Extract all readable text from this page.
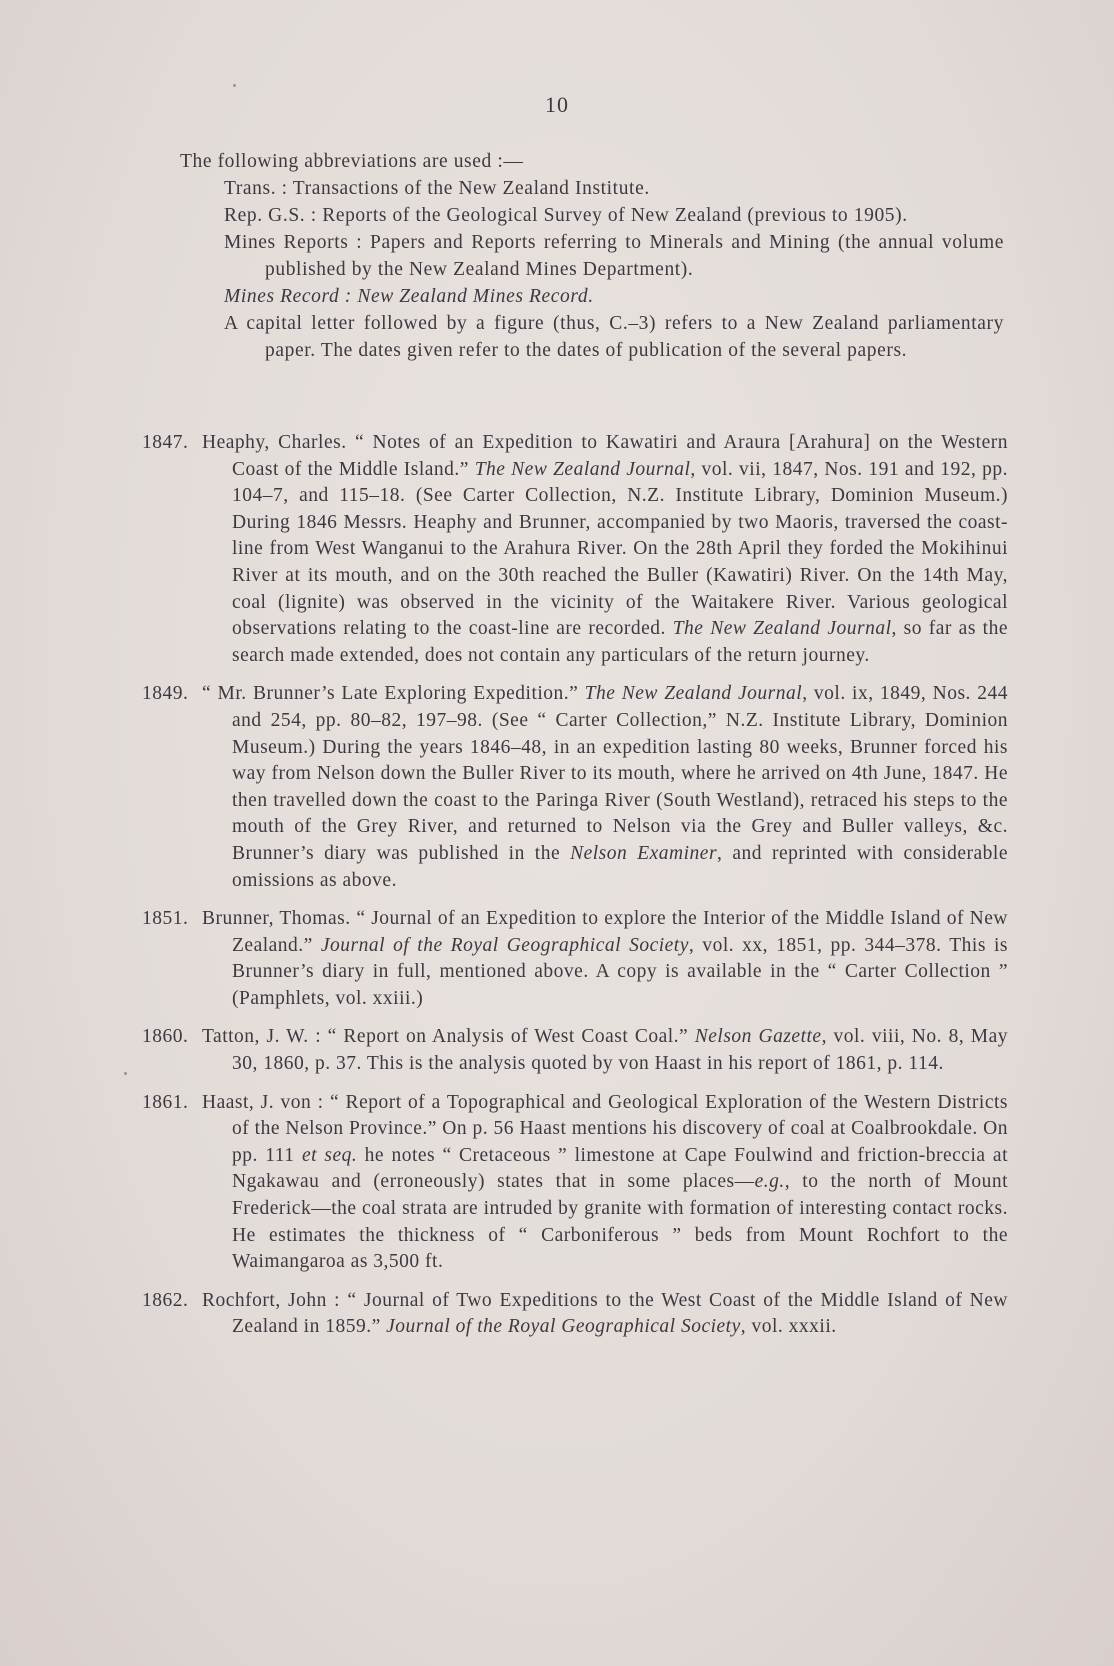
10

The following abbreviations are used :—

Trans. : Transactions of the New Zealand Institute.

Rep. G.S. : Reports of the Geological Survey of New Zealand (previous to 1905).

Mines Reports : Papers and Reports referring to Minerals and Mining (the annual volume published by the New Zealand Mines Department).

Mines Record : New Zealand Mines Record.

A capital letter followed by a figure (thus, C.–3) refers to a New Zealand parliamentary paper. The dates given refer to the dates of publication of the several papers.

1847. Heaphy, Charles. “ Notes of an Expedition to Kawatiri and Araura [Arahura] on the Western Coast of the Middle Island.” The New Zealand Journal, vol. vii, 1847, Nos. 191 and 192, pp. 104–7, and 115–18. (See Carter Collection, N.Z. Institute Library, Dominion Museum.) During 1846 Messrs. Heaphy and Brunner, accompanied by two Maoris, traversed the coast-line from West Wanganui to the Arahura River. On the 28th April they forded the Mokihinui River at its mouth, and on the 30th reached the Buller (Kawatiri) River. On the 14th May, coal (lignite) was observed in the vicinity of the Waitakere River. Various geological observations relating to the coast-line are recorded. The New Zealand Journal, so far as the search made extended, does not contain any particulars of the return journey.

1849. “ Mr. Brunner’s Late Exploring Expedition.” The New Zealand Journal, vol. ix, 1849, Nos. 244 and 254, pp. 80–82, 197–98. (See “ Carter Collection,” N.Z. Institute Library, Dominion Museum.) During the years 1846–48, in an expedition lasting 80 weeks, Brunner forced his way from Nelson down the Buller River to its mouth, where he arrived on 4th June, 1847. He then travelled down the coast to the Paringa River (South Westland), retraced his steps to the mouth of the Grey River, and returned to Nelson via the Grey and Buller valleys, &c. Brunner’s diary was published in the Nelson Examiner, and reprinted with considerable omissions as above.

1851. Brunner, Thomas. “ Journal of an Expedition to explore the Interior of the Middle Island of New Zealand.” Journal of the Royal Geographical Society, vol. xx, 1851, pp. 344–378. This is Brunner’s diary in full, mentioned above. A copy is available in the “ Carter Collection ” (Pamphlets, vol. xxiii.)

1860. Tatton, J. W. : “ Report on Analysis of West Coast Coal.” Nelson Gazette, vol. viii, No. 8, May 30, 1860, p. 37. This is the analysis quoted by von Haast in his report of 1861, p. 114.

1861. Haast, J. von : “ Report of a Topographical and Geological Exploration of the Western Districts of the Nelson Province.” On p. 56 Haast mentions his discovery of coal at Coalbrookdale. On pp. 111 et seq. he notes “ Cretaceous ” limestone at Cape Foulwind and friction-breccia at Ngakawau and (erroneously) states that in some places—e.g., to the north of Mount Frederick—the coal strata are intruded by granite with formation of interesting contact rocks. He estimates the thickness of “ Carboniferous ” beds from Mount Rochfort to the Waimangaroa as 3,500 ft.

1862. Rochfort, John : “ Journal of Two Expeditions to the West Coast of the Middle Island of New Zealand in 1859.” Journal of the Royal Geographical Society, vol. xxxii.
